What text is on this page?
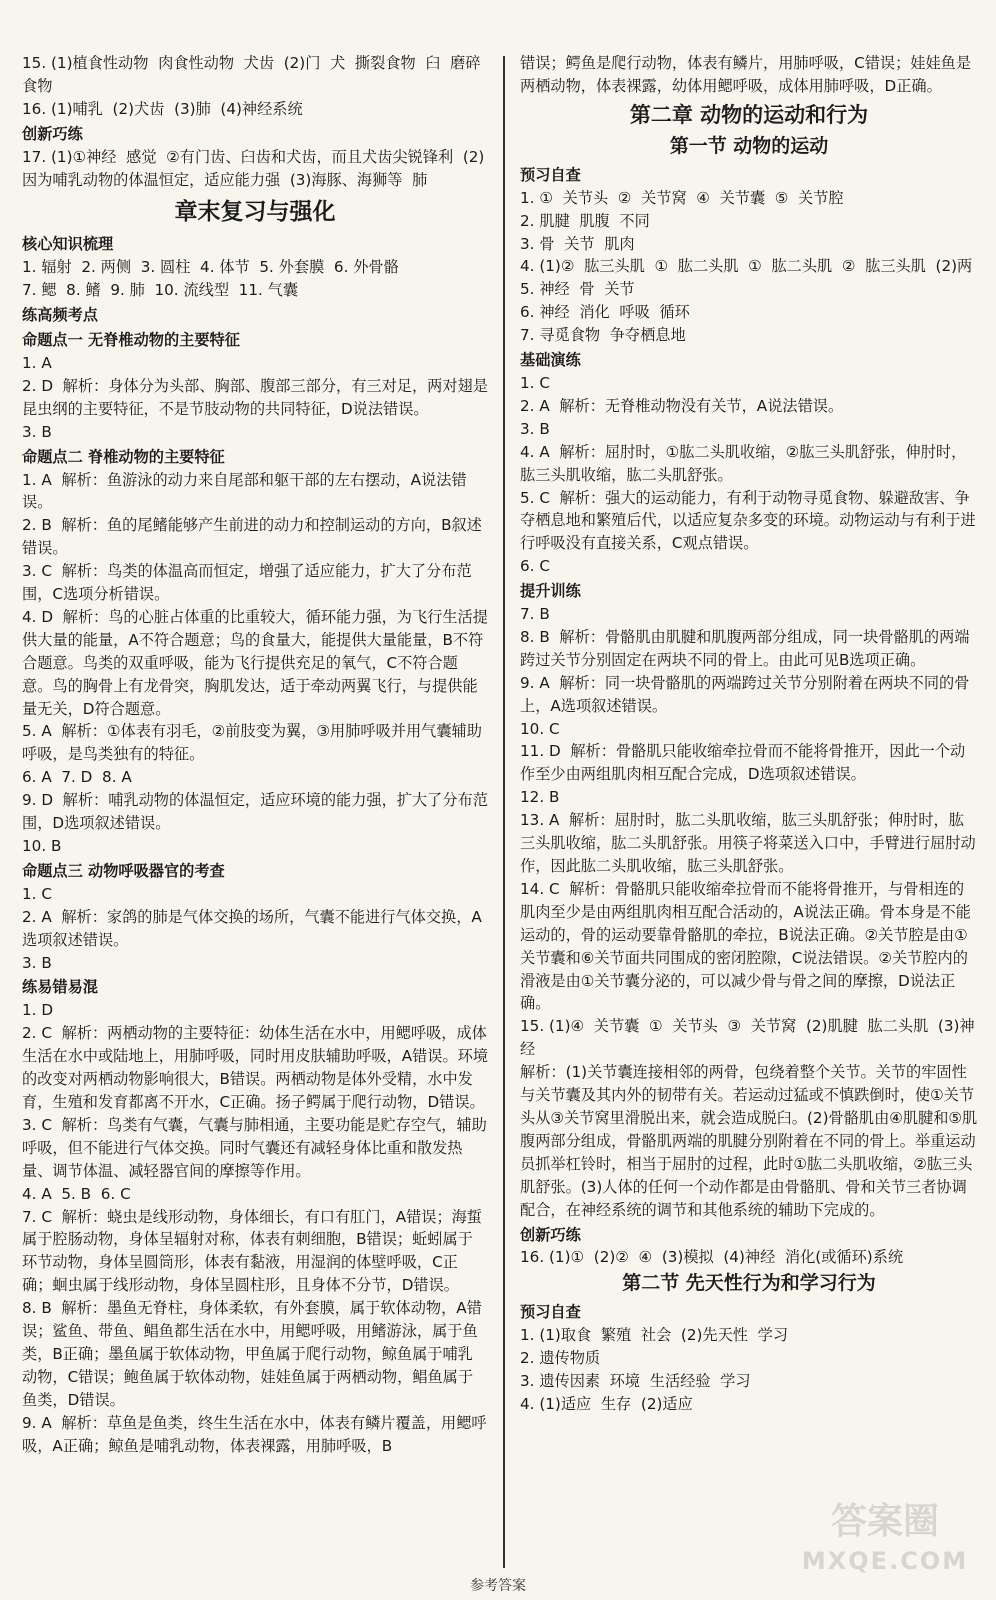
15. (1)植食性动物  肉食性动物  犬齿  (2)门  犬  撕裂食物  臼  磨碎食物
16. (1)哺乳  (2)犬齿  (3)肺  (4)神经系统
创新巧练
17. (1)①神经  感觉  ②有门齿、臼齿和犬齿，而且犬齿尖锐锋利  (2)因为哺乳动物的体温恒定，适应能力强  (3)海豚、海狮等  肺
章末复习与强化
核心知识梳理
1. 辐射  2. 两侧  3. 圆柱  4. 体节  5. 外套膜  6. 外骨骼
7. 鳃  8. 鳍  9. 肺  10. 流线型  11. 气囊
练高频考点
命题点一 无脊椎动物的主要特征
1. A
2. D  解析：身体分为头部、胸部、腹部三部分，有三对足，两对翅是昆虫纲的主要特征，不是节肢动物的共同特征，D说法错误。
3. B
命题点二 脊椎动物的主要特征
1. A  解析：鱼游泳的动力来自尾部和躯干部的左右摆动，A说法错误。
2. B  解析：鱼的尾鳍能够产生前进的动力和控制运动的方向，B叙述错误。
3. C  解析：鸟类的体温高而恒定，增强了适应能力，扩大了分布范围，C选项分析错误。
4. D  解析：鸟的心脏占体重的比重较大，循环能力强，为飞行生活提供大量的能量，A不符合题意；鸟的食量大，能提供大量能量，B不符合题意。鸟类的双重呼吸，能为飞行提供充足的氧气，C不符合题意。鸟的胸骨上有龙骨突，胸肌发达，适于牵动两翼飞行，与提供能量无关，D符合题意。
5. A  解析：①体表有羽毛，②前肢变为翼，③用肺呼吸并用气囊辅助呼吸，是鸟类独有的特征。
6. A  7. D  8. A
9. D  解析：哺乳动物的体温恒定，适应环境的能力强，扩大了分布范围，D选项叙述错误。
10. B
命题点三 动物呼吸器官的考查
1. C
2. A  解析：家鸽的肺是气体交换的场所，气囊不能进行气体交换，A选项叙述错误。
3. B
练易错易混
1. D
2. C  解析：两栖动物的主要特征：幼体生活在水中，用鳃呼吸，成体生活在水中或陆地上，用肺呼吸，同时用皮肤辅助呼吸，A错误。环境的改变对两栖动物影响很大，B错误。两栖动物是体外受精，水中发育，生殖和发育都离不开水，C正确。扬子鳄属于爬行动物，D错误。
3. C  解析：鸟类有气囊，气囊与肺相通，主要功能是贮存空气，辅助呼吸，但不能进行气体交换。同时气囊还有减轻身体比重和散发热量、调节体温、减轻器官间的摩擦等作用。
4. A  5. B  6. C
7. C  解析：蛲虫是线形动物，身体细长，有口有肛门，A错误；海蜇属于腔肠动物，身体呈辐射对称，体表有刺细胞，B错误；蚯蚓属于环节动物，身体呈圆筒形，体表有黏液，用湿润的体壁呼吸，C正确；蛔虫属于线形动物，身体呈圆柱形，且身体不分节，D错误。
8. B  解析：墨鱼无脊柱，身体柔软，有外套膜，属于软体动物，A错误；鲨鱼、带鱼、鲳鱼都生活在水中，用鳃呼吸，用鳍游泳，属于鱼类，B正确；墨鱼属于软体动物，甲鱼属于爬行动物，鲸鱼属于哺乳动物，C错误；鲍鱼属于软体动物，娃娃鱼属于两栖动物，鲳鱼属于鱼类，D错误。
9. A  解析：草鱼是鱼类，终生生活在水中，体表有鳞片覆盖，用鳃呼吸，A正确；鲸鱼是哺乳动物，体表裸露，用肺呼吸，B
错误；鳄鱼是爬行动物，体表有鳞片，用肺呼吸，C错误；娃娃鱼是两栖动物，体表裸露，幼体用鳃呼吸，成体用肺呼吸，D正确。
第二章 动物的运动和行为
第一节 动物的运动
预习自查
1. ①  关节头  ②  关节窝  ④  关节囊  ⑤  关节腔
2. 肌腱  肌腹  不同
3. 骨  关节  肌肉
4. (1)②  肱三头肌  ①  肱二头肌  ①  肱二头肌  ②  肱三头肌  (2)两
5. 神经  骨  关节
6. 神经  消化  呼吸  循环
7. 寻觅食物  争夺栖息地
基础演练
1. C
2. A  解析：无脊椎动物没有关节，A说法错误。
3. B
4. A  解析：屈肘时，①肱二头肌收缩，②肱三头肌舒张，伸肘时，肱三头肌收缩，肱二头肌舒张。
5. C  解析：强大的运动能力，有利于动物寻觅食物、躲避敌害、争夺栖息地和繁殖后代，以适应复杂多变的环境。动物运动与有利于进行呼吸没有直接关系，C观点错误。
6. C
提升训练
7. B
8. B  解析：骨骼肌由肌腱和肌腹两部分组成，同一块骨骼肌的两端跨过关节分别固定在两块不同的骨上。由此可见B选项正确。
9. A  解析：同一块骨骼肌的两端跨过关节分别附着在两块不同的骨上，A选项叙述错误。
10. C
11. D  解析：骨骼肌只能收缩牵拉骨而不能将骨推开，因此一个动作至少由两组肌肉相互配合完成，D选项叙述错误。
12. B
13. A  解析：屈肘时，肱二头肌收缩，肱三头肌舒张；伸肘时，肱三头肌收缩，肱二头肌舒张。用筷子将菜送入口中，手臂进行屈肘动作，因此肱二头肌收缩，肱三头肌舒张。
14. C  解析：骨骼肌只能收缩牵拉骨而不能将骨推开，与骨相连的肌肉至少是由两组肌肉相互配合活动的，A说法正确。骨本身是不能运动的，骨的运动要靠骨骼肌的牵拉，B说法正确。②关节腔是由①关节囊和⑥关节面共同围成的密闭腔隙，C说法错误。②关节腔内的滑液是由①关节囊分泌的，可以减少骨与骨之间的摩擦，D说法正确。
15. (1)④  关节囊  ①  关节头  ③  关节窝  (2)肌腱  肱二头肌  (3)神经
解析：(1)关节囊连接相邻的两骨，包绕着整个关节。关节的牢固性与关节囊及其内外的韧带有关。若运动过猛或不慎跌倒时，使①关节头从③关节窝里滑脱出来，就会造成脱臼。(2)骨骼肌由④肌腱和⑤肌腹两部分组成，骨骼肌两端的肌腱分别附着在不同的骨上。举重运动员抓举杠铃时，相当于屈肘的过程，此时①肱二头肌收缩，②肱三头肌舒张。(3)人体的任何一个动作都是由骨骼肌、骨和关节三者协调配合，在神经系统的调节和其他系统的辅助下完成的。
创新巧练
16. (1)①  (2)②  ④  (3)模拟  (4)神经  消化(或循环)系统
第二节 先天性行为和学习行为
预习自查
1. (1)取食  繁殖  社会  (2)先天性  学习
2. 遗传物质
3. 遗传因素  环境  生活经验  学习
4. (1)适应  生存  (2)适应
参考答案
答案圈
MXQE.COM
